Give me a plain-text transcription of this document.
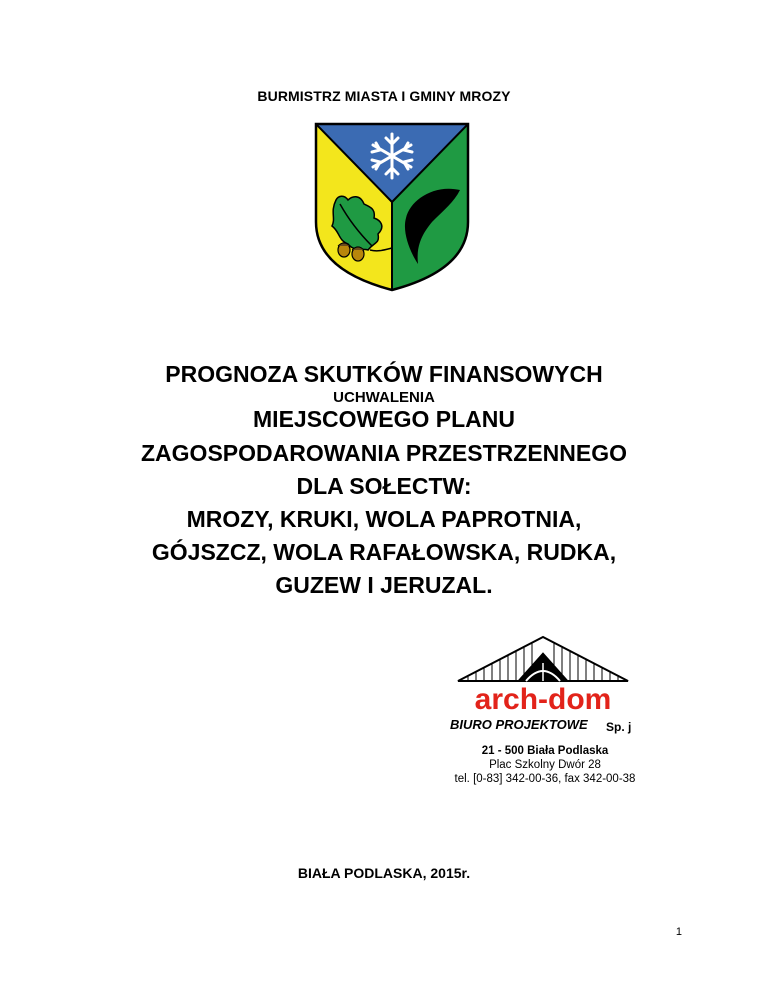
BURMISTRZ MIASTA I GMINY MROZY
PROGNOZA SKUTKÓW FINANSOWYCH
UCHWALENIA
MIEJSCOWEGO PLANU
ZAGOSPODAROWANIA PRZESTRZENNEGO
DLA SOŁECTW:
MROZY, KRUKI, WOLA PAPROTNIA,
GÓJSZCZ, WOLA RAFAŁOWSKA, RUDKA,
GUZEW I JERUZAL.
arch-dom
BIURO PROJEKTOWE Sp. j
21 - 500 Biała Podlaska
Plac Szkolny Dwór 28
tel. [0-83] 342-00-36, fax 342-00-38
BIAŁA PODLASKA, 2015r.
1
